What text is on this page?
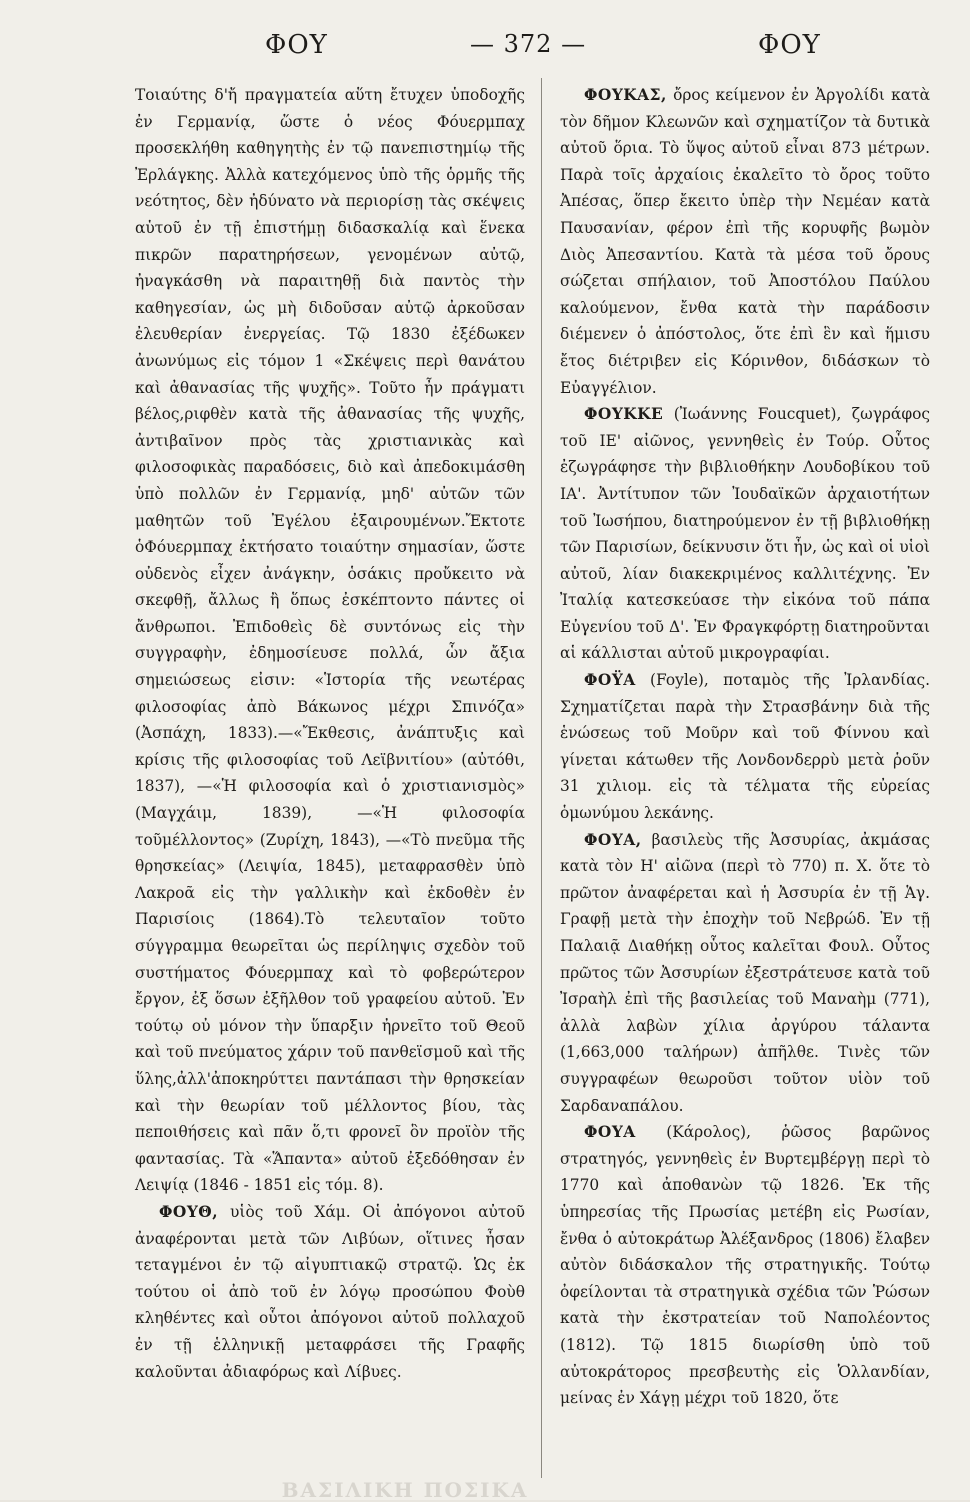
ΦΟΥ	— 372 —	ΦΟΥ

Τοιαύτης δ'ἤ πραγματεία αὕτη ἔτυχεν ὑποδοχῆς ἐν Γερμανίᾳ, ὥστε ὁ νέος Φόυερμπαχ προσεκλήθη καθηγητὴς ἐν τῷ πανεπιστημίῳ τῆς Ἐρλάγκης. Ἀλλὰ κατεχόμενος ὑπὸ τῆς ὁρμῆς τῆς νεότητος, δὲν ἠδύνατο νὰ περιορίσῃ τὰς σκέψεις αὑτοῦ ἐν τῇ ἐπιστήμῃ διδασκαλίᾳ καὶ ἕνεκα πικρῶν παρατηρήσεων, γενομένων αὐτῷ, ἠναγκάσθη νὰ παραιτηθῇ διὰ παντὸς τὴν καθηγεσίαν, ὡς μὴ διδοῦσαν αὐτῷ ἀρκοῦσαν ἐλευθερίαν ἐνεργείας. Τῷ 1830 ἐξέδωκεν ἀνωνύμως εἰς τόμον 1 «Σκέψεις περὶ θανάτου καὶ ἀθανασίας τῆς ψυχῆς». Τοῦτο ἦν πράγματι βέλος,ριφθὲν κατὰ τῆς ἀθανασίας τῆς ψυχῆς, ἀντιβαῖνον πρὸς τὰς χριστιανικὰς καὶ φιλοσοφικὰς παραδόσεις, διὸ καὶ ἀπεδοκιμάσθη ὑπὸ πολλῶν ἐν Γερμανίᾳ, μηδ' αὐτῶν τῶν μαθητῶν τοῦ Ἐγέλου ἐξαιρουμένων.Ἔκτοτε ὁΦόυερμπαχ ἐκτήσατο τοιαύτην σημασίαν, ὥστε οὐδενὸς εἶχεν ἀνάγκην, ὁσάκις προὔκειτο νὰ σκεφθῇ, ἄλλως ἢ ὅπως ἐσκέπτοντο πάντες οἱ ἄνθρωποι. Ἐπιδοθεὶς δὲ συντόνως εἰς τὴν συγγραφὴν, ἐδημοσίευσε πολλά, ὧν ἄξια σημειώσεως εἰσιν: «Ἱστορία τῆς νεωτέρας φιλοσοφίας ἀπὸ Βάκωνος μέχρι Σπινόζα» (Ἀσπάχη, 1833).—«Ἔκθεσις, ἀνάπτυξις καὶ κρίσις τῆς φιλοσοφίας τοῦ Λεϊβνιτίου» (αὐτόθι, 1837), —«Ἡ φιλοσοφία καὶ ὁ χριστιανισμὸς» (Μαγχάιμ, 1839), —«Ἡ φιλοσοφία τοῦμέλλοντος» (Ζυρίχη, 1843), —«Τὸ πνεῦμα τῆς θρησκείας» (Λειψία, 1845), μεταφρασθὲν ὑπὸ Λακροᾶ εἰς τὴν γαλλικὴν καὶ ἐκδοθὲν ἐν Παρισίοις (1864).Τὸ τελευταῖον τοῦτο σύγγραμμα θεωρεῖται ὡς περίληψις σχεδὸν τοῦ συστήματος Φόυερμπαχ καὶ τὸ φοβερώτερον ἔργον, ἐξ ὅσων ἐξῆλθον τοῦ γραφείου αὐτοῦ. Ἐν τούτῳ οὐ μόνον τὴν ὕπαρξιν ἠρνεῖτο τοῦ Θεοῦ καὶ τοῦ πνεύματος χάριν τοῦ πανθεϊσμοῦ καὶ τῆς ὕλης,ἀλλ'ἀποκηρύττει παντάπασι τὴν θρησκείαν καὶ τὴν θεωρίαν τοῦ μέλλοντος βίου, τὰς πεποιθήσεις καὶ πᾶν ὅ,τι φρονεῖ ὃν προϊὸν τῆς φαντασίας. Τὰ «Ἅπαντα» αὐτοῦ ἐξεδόθησαν ἐν Λειψίᾳ (1846 - 1851 εἰς τόμ. 8).

ΦΟΥΘ, υἱὸς τοῦ Χάμ. Οἱ ἀπόγονοι αὐτοῦ ἀναφέρονται μετὰ τῶν Λιβύων, οἵτινες ἦσαν τεταγμένοι ἐν τῷ αἰγυπτιακῷ στρατῷ. Ὡς ἐκ τούτου οἱ ἀπὸ τοῦ ἐν λόγῳ προσώπου Φοὺθ κληθέντες καὶ οὗτοι ἀπόγονοι αὐτοῦ πολλαχοῦ ἐν τῇ ἑλληνικῇ μεταφράσει τῆς Γραφῆς καλοῦνται ἀδιαφόρως καὶ Λίβυες.

ΦΟΥΚΑΣ, ὄρος κείμενον ἐν Ἀργολίδι κατὰ τὸν δῆμον Κλεωνῶν καὶ σχηματίζον τὰ δυτικὰ αὐτοῦ ὅρια. Τὸ ὕψος αὐτοῦ εἶναι 873 μέτρων. Παρὰ τοῖς ἀρχαίοις ἐκαλεῖτο τὸ ὄρος τοῦτο Ἀπέσας, ὅπερ ἔκειτο ὑπὲρ τὴν Νεμέαν κατὰ Παυσανίαν, φέρον ἐπὶ τῆς κορυφῆς βωμὸν Διὸς Ἀπεσαντίου. Κατὰ τὰ μέσα τοῦ ὄρους σώζεται σπήλαιον, τοῦ Ἀποστόλου Παύλου καλούμενον, ἔνθα κατὰ τὴν παράδοσιν διέμενεν ὁ ἀπόστολος, ὅτε ἐπὶ ἓν καὶ ἥμισυ ἔτος διέτριβεν εἰς Κόρινθον, διδάσκων τὸ Εὐαγγέλιον.

ΦΟΥΚΚΕ (Ἰωάννης Foucquet), ζωγράφος τοῦ ΙΕ' αἰῶνος, γεννηθεὶς ἐν Τούρ. Οὗτος ἐζωγράφησε τὴν βιβλιοθήκην Λουδοβίκου τοῦ ΙΑ'. Ἀντίτυπον τῶν Ἰουδαϊκῶν ἀρχαιοτήτων τοῦ Ἰωσήπου, διατηρούμενον ἐν τῇ βιβλιοθήκῃ τῶν Παρισίων, δείκνυσιν ὅτι ἦν, ὡς καὶ οἱ υἱοὶ αὐτοῦ, λίαν διακεκριμένος καλλιτέχνης. Ἐν Ἰταλίᾳ κατεσκεύασε τὴν εἰκόνα τοῦ πάπα Εὐγενίου τοῦ Δ'. Ἐν Φραγκφόρτῃ διατηροῦνται αἱ κάλλισται αὐτοῦ μικρογραφίαι.

ΦΟΫΑ (Foyle), ποταμὸς τῆς Ἰρλανδίας. Σχηματίζεται παρὰ τὴν Στρασβάνην διὰ τῆς ἑνώσεως τοῦ Μοῦρν καὶ τοῦ Φίννου καὶ γίνεται κάτωθεν τῆς Λονδονδερρὺ μετὰ ῥοῦν 31 χιλιομ. εἰς τὰ τέλματα τῆς εὐρείας ὁμωνύμου λεκάνης.

ΦΟΥΑ, βασιλεὺς τῆς Ἀσσυρίας, ἀκμάσας κατὰ τὸν Η' αἰῶνα (περὶ τὸ 770) π. Χ. ὅτε τὸ πρῶτον ἀναφέρεται καὶ ἡ Ἀσσυρία ἐν τῇ Ἁγ. Γραφῇ μετὰ τὴν ἐποχὴν τοῦ Νεβρώδ. Ἐν τῇ Παλαιᾷ Διαθήκῃ οὗτος καλεῖται Φουλ. Οὗτος πρῶτος τῶν Ἀσσυρίων ἐξεστράτευσε κατὰ τοῦ Ἰσραὴλ ἐπὶ τῆς βασιλείας τοῦ Μαναὴμ (771), ἀλλὰ λαβὼν χίλια ἀργύρου τάλαντα (1,663,000 ταλήρων) ἀπῆλθε. Τινὲς τῶν συγγραφέων θεωροῦσι τοῦτον υἱὸν τοῦ Σαρδαναπάλου.

ΦΟΥΑ (Κάρολος), ῥῶσος βαρῶνος στρατηγός, γεννηθεὶς ἐν Βυρτεμβέργῃ περὶ τὸ 1770 καὶ ἀποθανὼν τῷ 1826. Ἐκ τῆς ὑπηρεσίας τῆς Πρωσίας μετέβη εἰς Ρωσίαν, ἔνθα ὁ αὐτοκράτωρ Ἀλέξανδρος (1806) ἔλαβεν αὐτὸν διδάσκαλον τῆς στρατηγικῆς. Τούτῳ ὀφείλονται τὰ στρατηγικὰ σχέδια τῶν Ῥώσων κατὰ τὴν ἐκστρατείαν τοῦ Ναπολέοντος (1812). Τῷ 1815 διωρίσθη ὑπὸ τοῦ αὐτοκράτορος πρεσβευτὴς εἰς Ὁλλανδίαν, μείνας ἐν Χάγῃ μέχρι τοῦ 1820, ὅτε

ΒΑΣΙΛΙΚΗ ΠΟΣΙΚΑ
